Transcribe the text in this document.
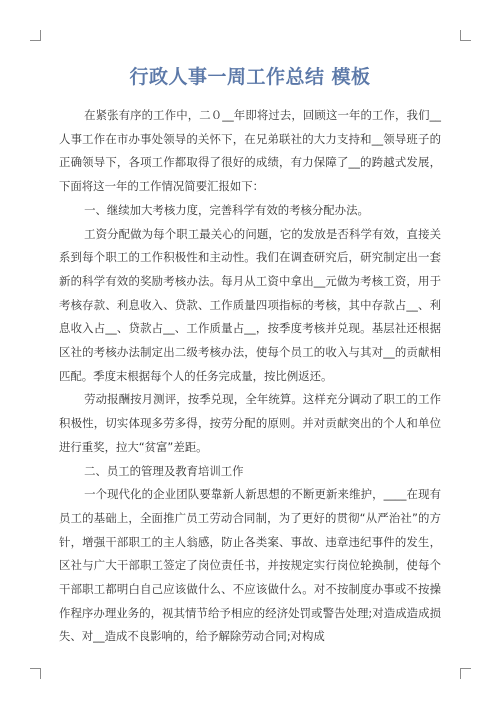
行政人事一周工作总结 模板

在紧张有序的工作中，二０__年即将过去，回顾这一年的工作，我们__人事工作在市办事处领导的关怀下，在兄弟联社的大力支持和__领导班子的正确领导下，各项工作都取得了很好的成绩，有力保障了__的跨越式发展，下面将这一年的工作情况简要汇报如下：

一、继续加大考核力度，完善科学有效的考核分配办法。

工资分配做为每个职工最关心的问题，它的发放是否科学有效，直接关系到每个职工的工作积极性和主动性。我们在调查研究后，研究制定出一套新的科学有效的奖励考核办法。每月从工资中拿出__元做为考核工资，用于考核存款、利息收入、贷款、工作质量四项指标的考核，其中存款占__、利息收入占__、贷款占__、工作质量占__，按季度考核并兑现。基层社还根据区社的考核办法制定出二级考核办法，使每个员工的收入与其对__的贡献相匹配。季度末根据每个人的任务完成量，按比例返还。

劳动报酬按月测评，按季兑现，全年统算。这样充分调动了职工的工作积极性，切实体现多劳多得，按劳分配的原则。并对贡献突出的个人和单位进行重奖，拉大“贫富”差距。

二、员工的管理及教育培训工作

一个现代化的企业团队要靠新人新思想的不断更新来维护，____在现有员工的基础上，全面推广员工劳动合同制，为了更好的贯彻“从严治社”的方针，增强干部职工的主人翁感，防止各类案、事故、违章违纪事件的发生，区社与广大干部职工签定了岗位责任书，并按规定实行岗位轮换制，使每个干部职工都明白自己应该做什么、不应该做什么。对不按制度办事或不按操作程序办理业务的，视其情节给予相应的经济处罚或警告处理;对造成造成损失、对__造成不良影响的，给予解除劳动合同;对构成
